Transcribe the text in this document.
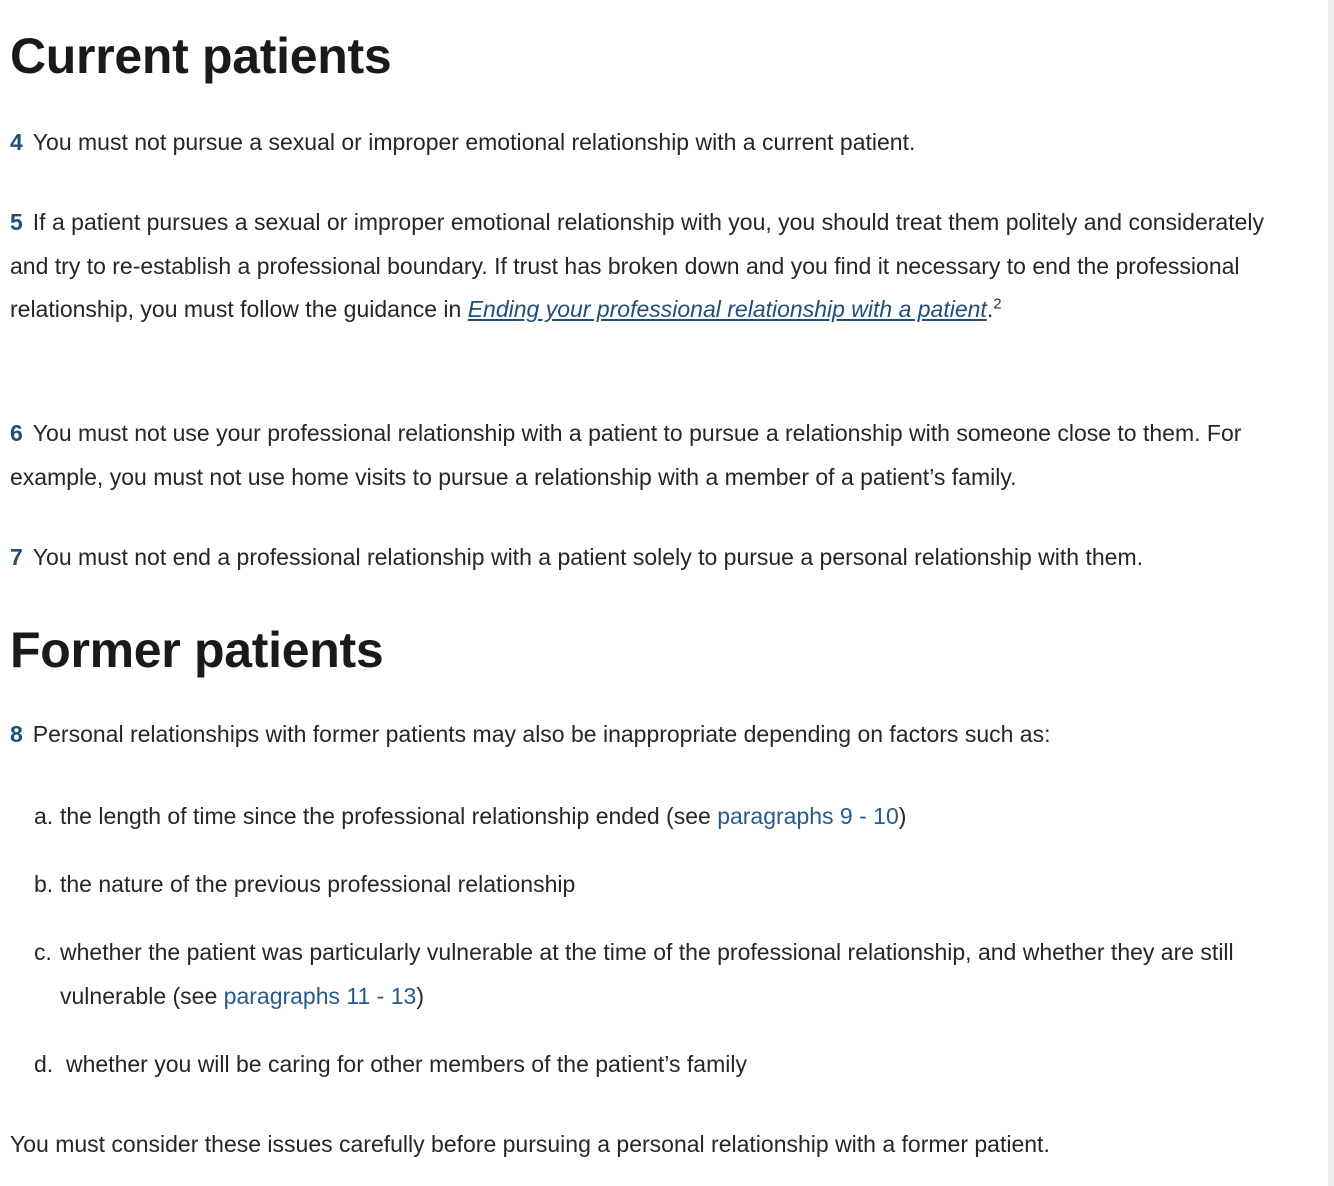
Current patients

4 You must not pursue a sexual or improper emotional relationship with a current patient.

5 If a patient pursues a sexual or improper emotional relationship with you, you should treat them politely and considerately and try to re-establish a professional boundary. If trust has broken down and you find it necessary to end the professional relationship, you must follow the guidance in Ending your professional relationship with a patient.$^2$

6 You must not use your professional relationship with a patient to pursue a relationship with someone close to them. For example, you must not use home visits to pursue a relationship with a member of a patient’s family.

7 You must not end a professional relationship with a patient solely to pursue a personal relationship with them.

Former patients

8 Personal relationships with former patients may also be inappropriate depending on factors such as:

a. the length of time since the professional relationship ended (see paragraphs 9 - 10)
b. the nature of the previous professional relationship
c. whether the patient was particularly vulnerable at the time of the professional relationship, and whether they are still vulnerable (see paragraphs 11 - 13)
d. whether you will be caring for other members of the patient’s family

You must consider these issues carefully before pursuing a personal relationship with a former patient.
